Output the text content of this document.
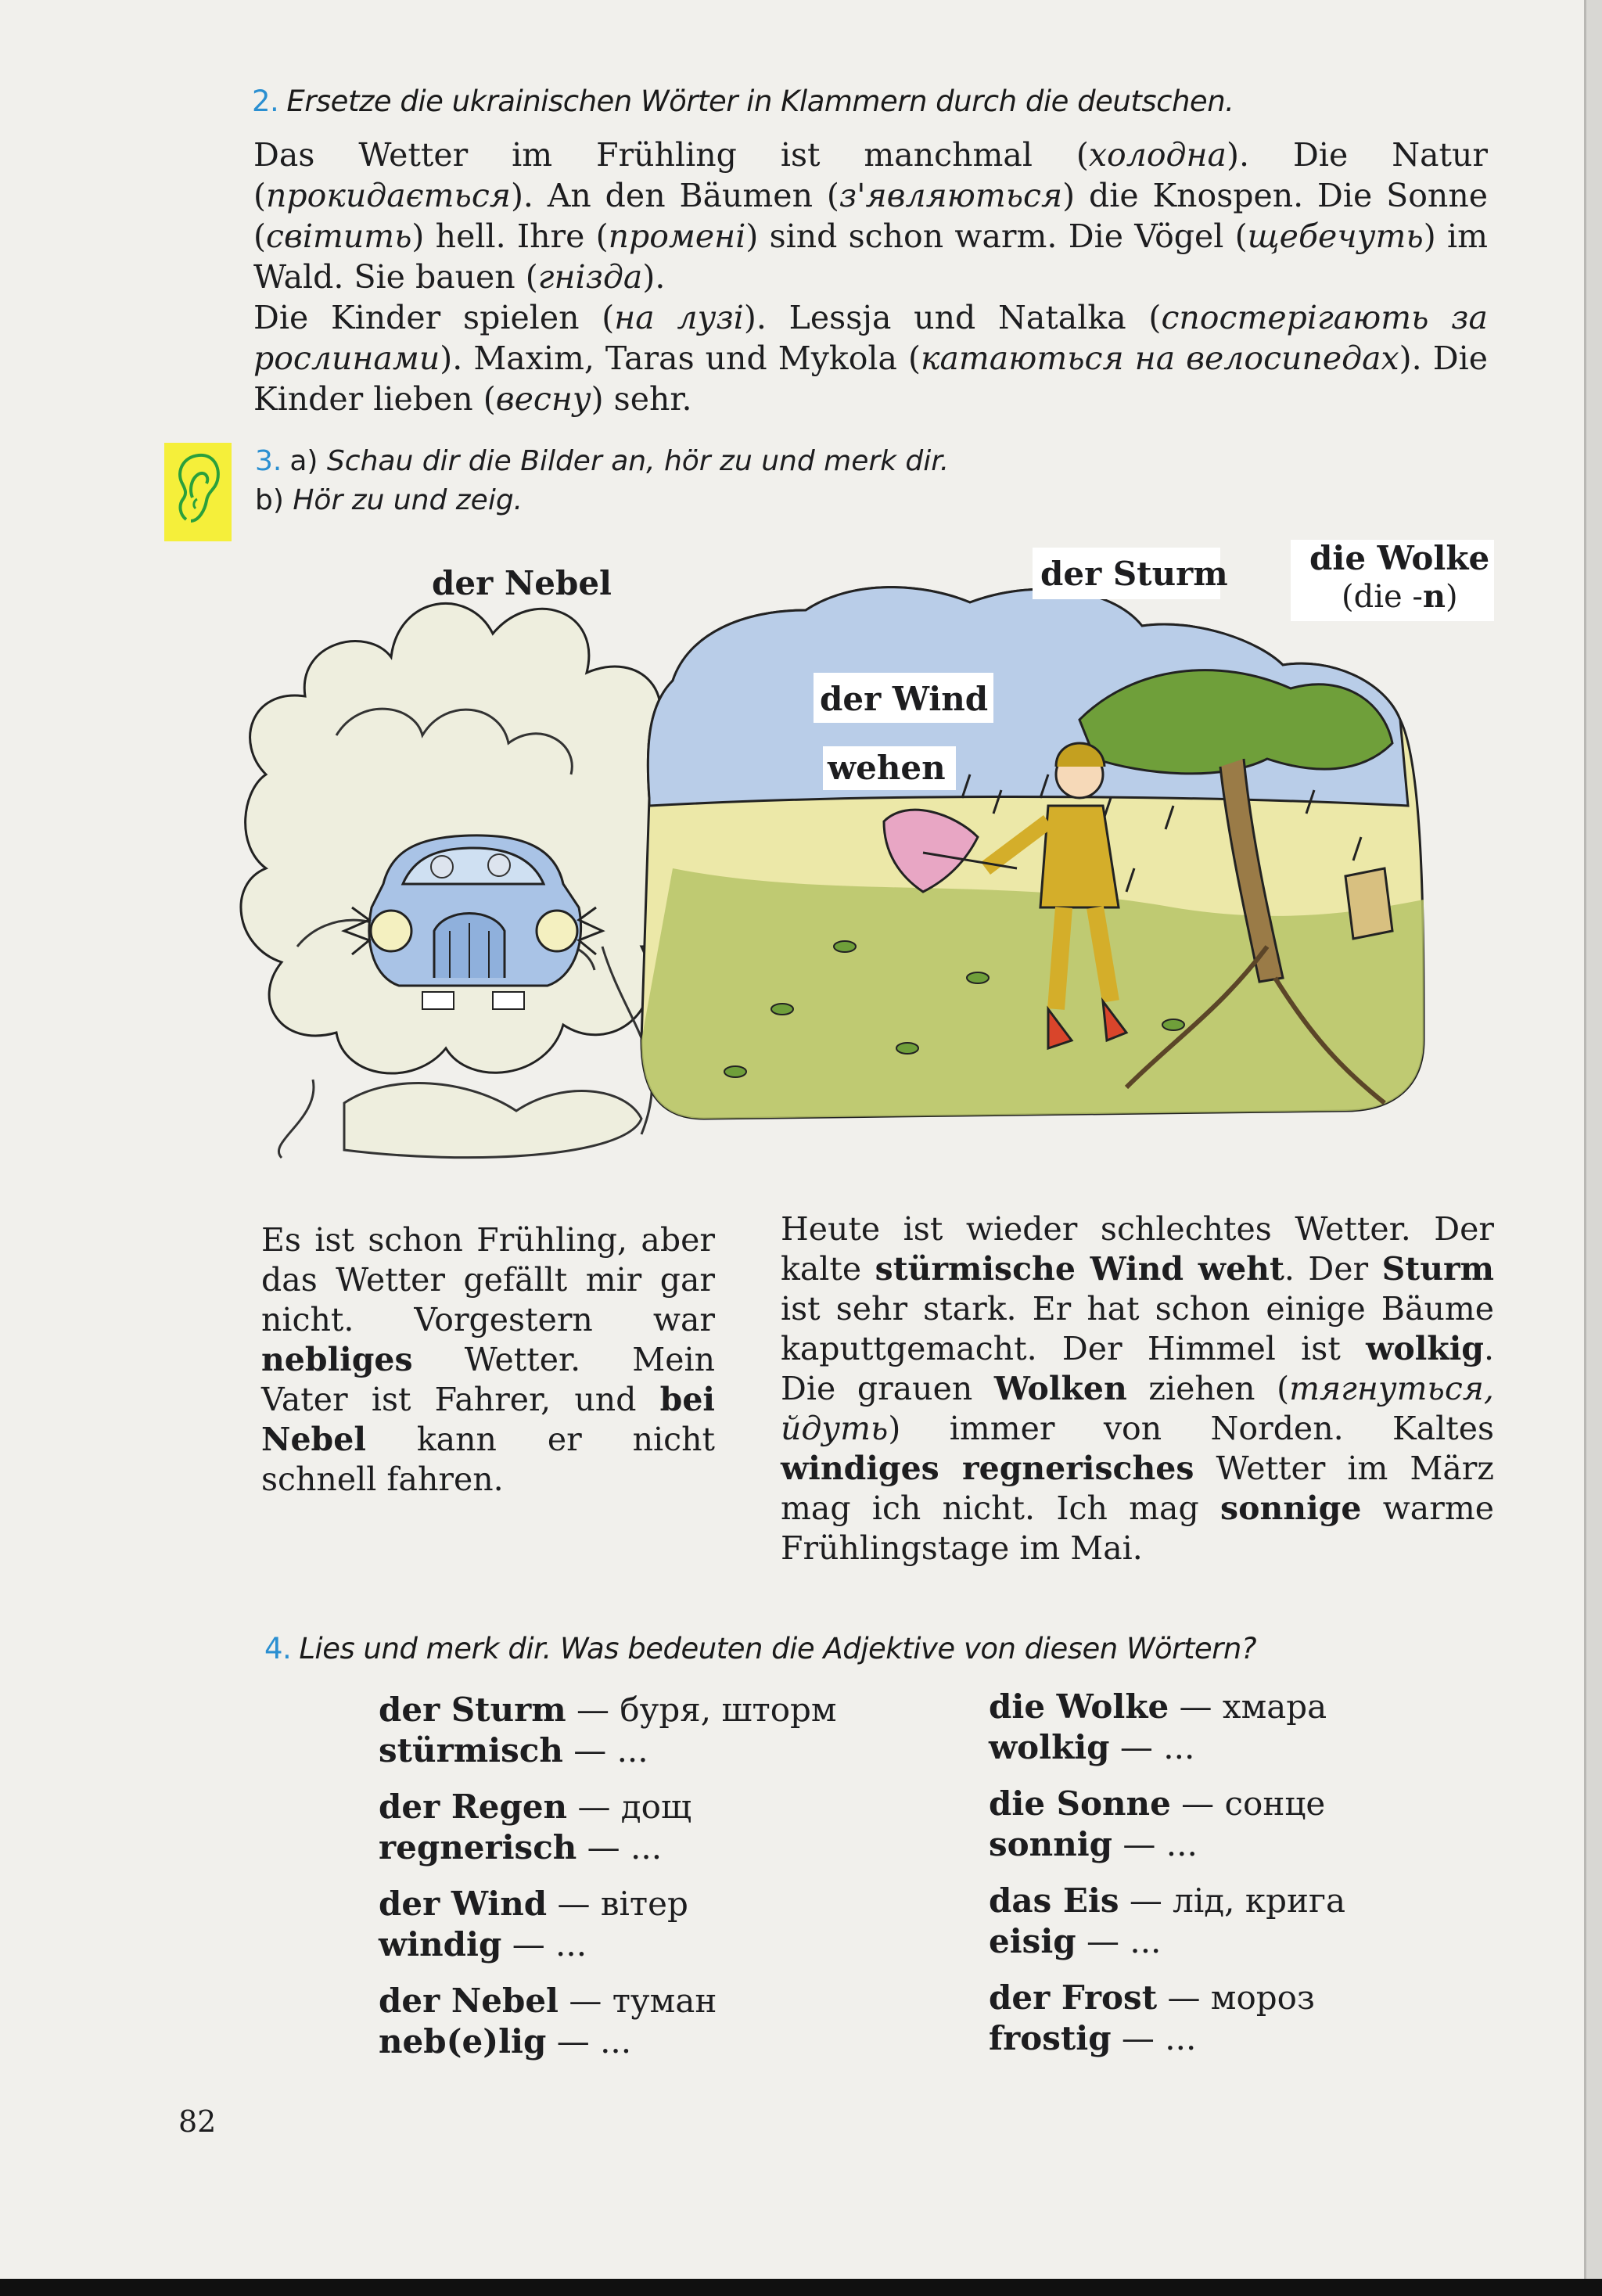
2. Ersetze die ukrainischen Wörter in Klammern durch die deutschen.
Das Wetter im Frühling ist manchmal (холодна). Die Natur (прокидається). An den Bäumen (з'являються) die Knospen. Die Sonne (світить) hell. Ihre (промені) sind schon warm. Die Vögel (щебечуть) im Wald. Sie bauen (гнізда).
Die Kinder spielen (на лузі). Lessja und Natalka (спостерігають за рослинами). Maxim, Taras und Mykola (катаються на велосипедах). Die Kinder lieben (весну) sehr.
3. a) Schau dir die Bilder an, hör zu und merk dir.
b) Hör zu und zeig.
der Nebel	der Sturm die Wolke
(die -n)
der Wind
wehen
Es ist schon Frühling, aber das Wetter gefällt mir gar nicht. Vorgestern war nebliges Wetter. Mein Vater ist Fahrer, und bei Nebel kann er nicht schnell fahren.
Heute ist wieder schlechtes Wetter. Der kalte stürmische Wind weht. Der Sturm ist sehr stark. Er hat schon einige Bäume kaputtgemacht. Der Himmel ist wolkig. Die grauen Wolken ziehen (тягнуться, йдуть) immer von Norden. Kaltes windiges regnerisches Wetter im März mag ich nicht. Ich mag sonnige warme Frühlingstage im Mai.
4. Lies und merk dir. Was bedeuten die Adjektive von diesen Wörtern?
der Sturm — буря, шторм
stürmisch — ...
der Regen — дощ
regnerisch — ...
der Wind — вітер
windig — ...
der Nebel — туман
neb(e)lig — ...
die Wolke — хмара
wolkig — ...
die Sonne — сонце
sonnig — ...
das Eis — лід, крига
eisig — ...
der Frost — мороз
frostig — ...
82
